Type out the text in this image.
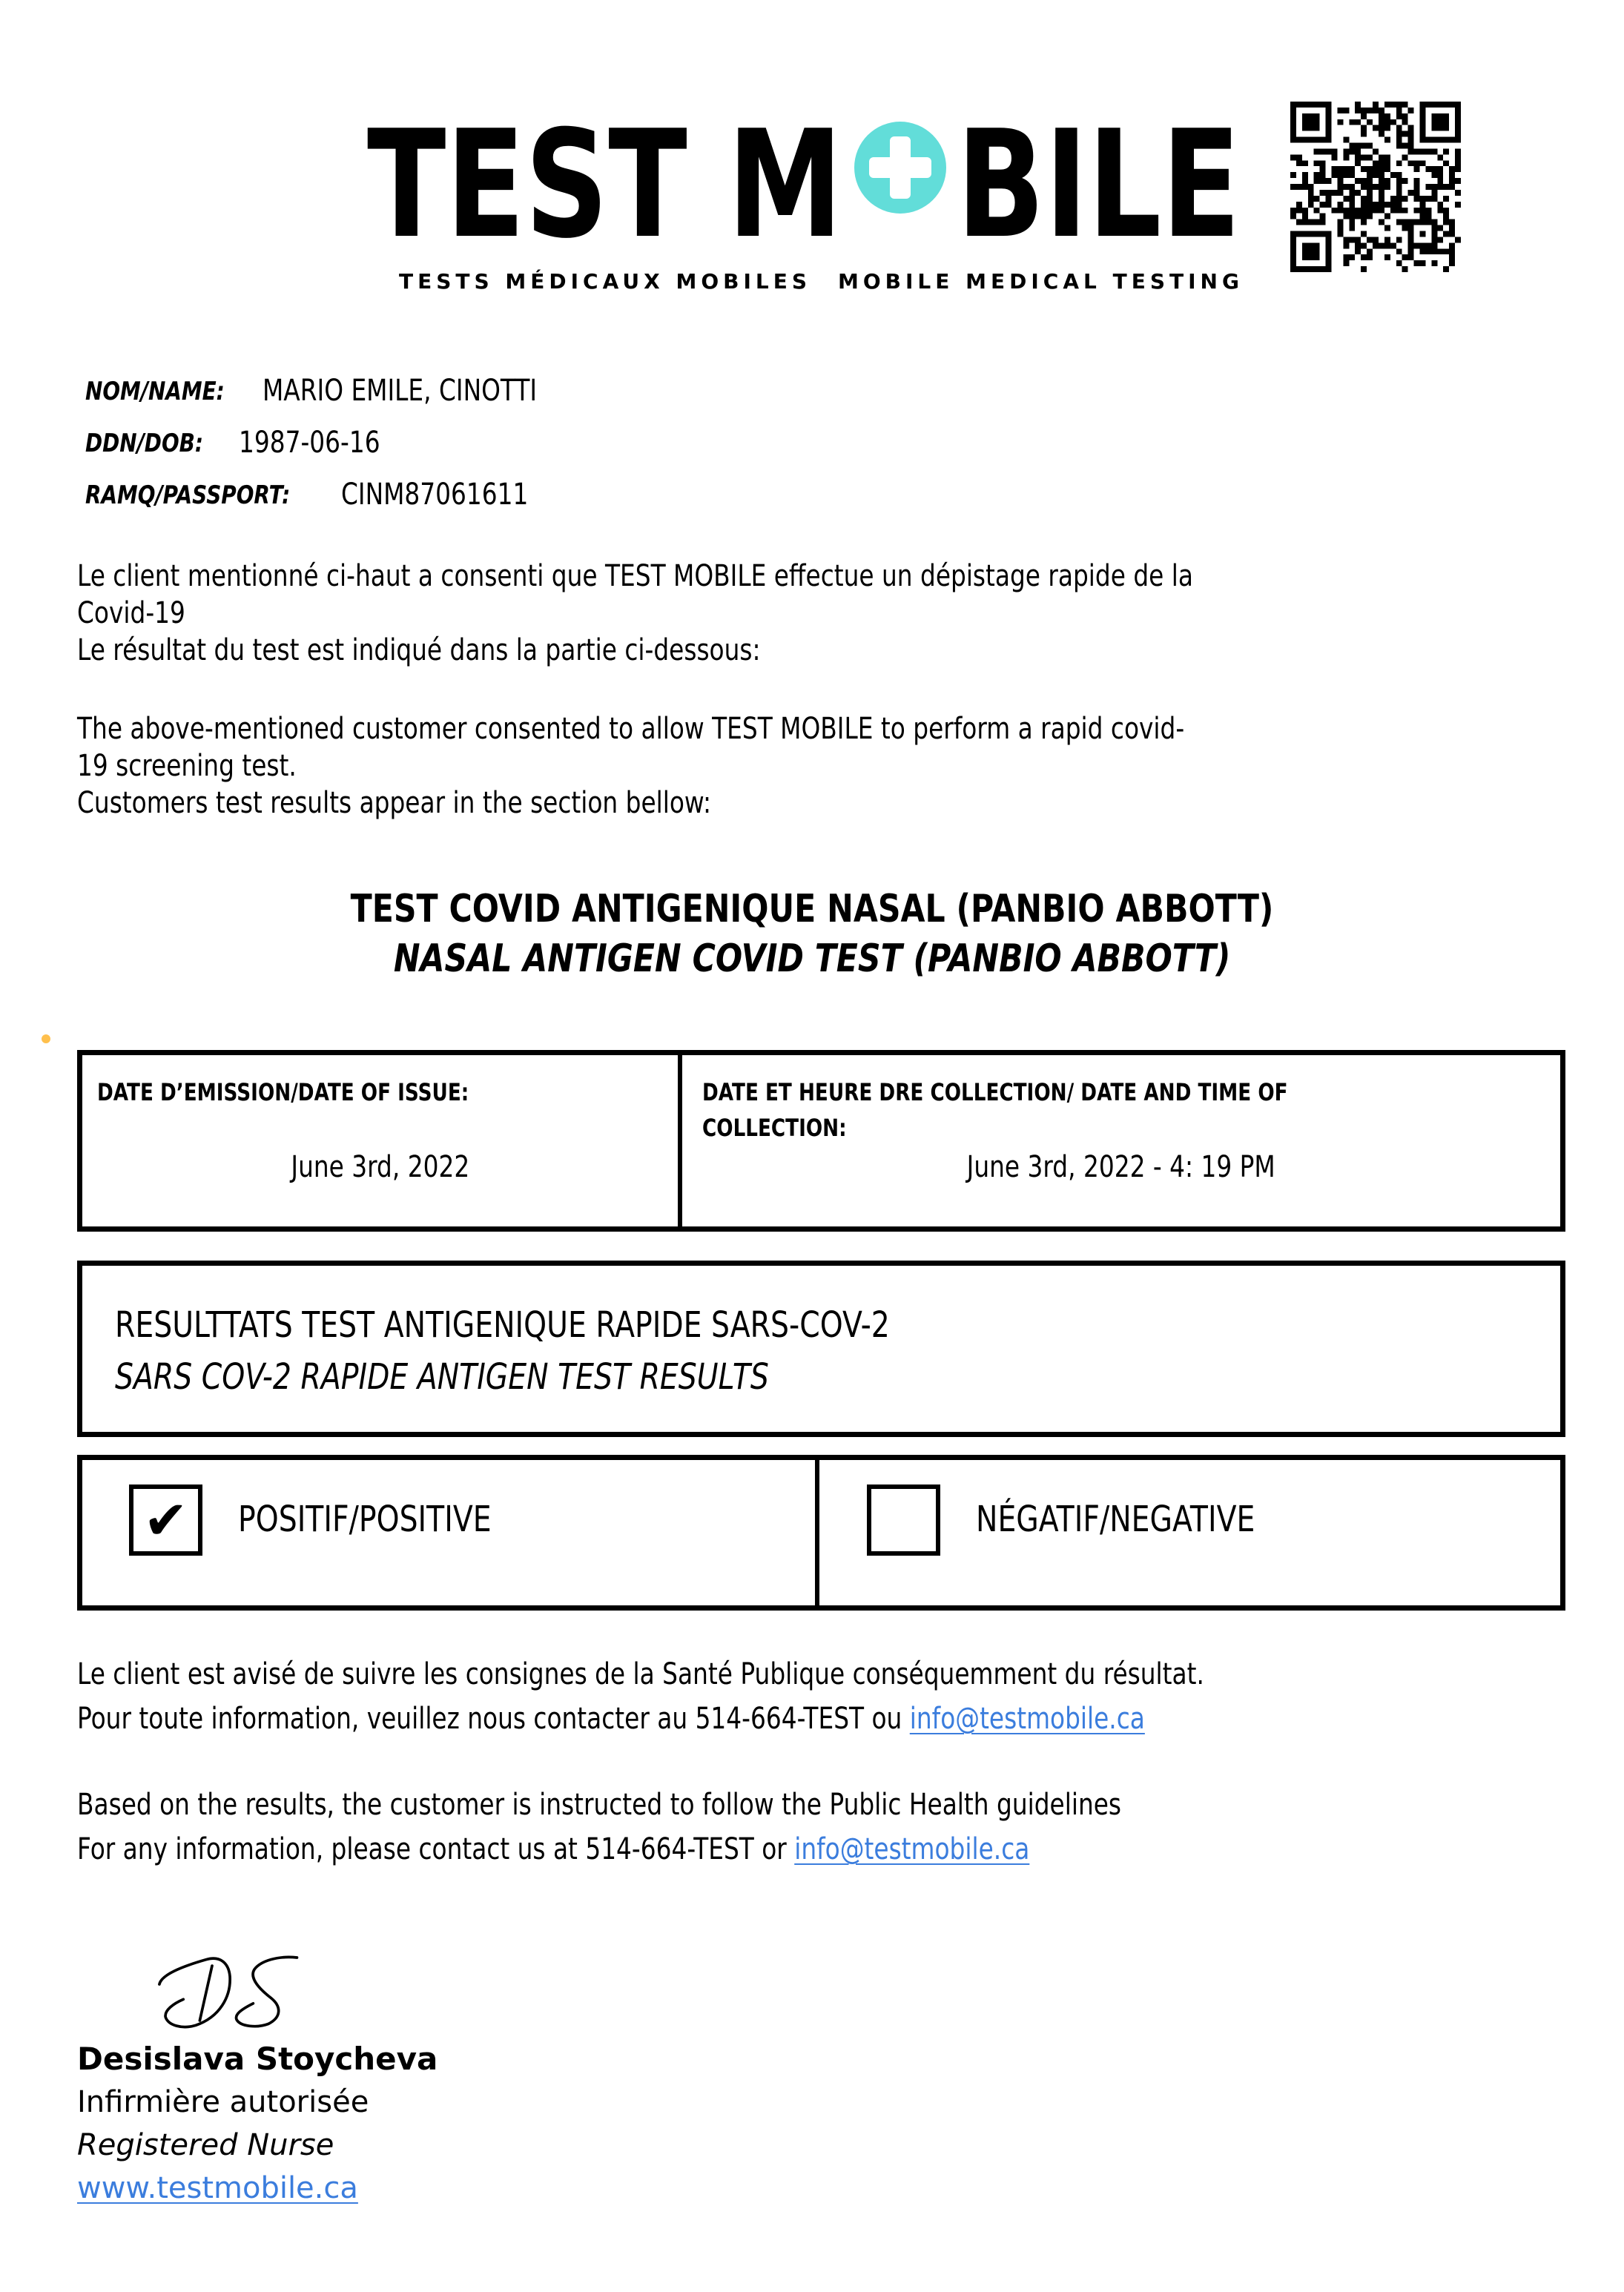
TEST M BILE
TESTS MÉDICAUX MOBILES MOBILE MEDICAL TESTING
NOM/NAME:	MARIO EMILE, CINOTTI
DDN/DOB:	1987-06-16
RAMQ/PASSPORT:	CINM87061611
Le client mentionné ci-haut a consenti que TEST MOBILE effectue un dépistage rapide de la
Covid-19
Le résultat du test est indiqué dans la partie ci-dessous:
The above-mentioned customer consented to allow TEST MOBILE to perform a rapid covid-
19 screening test.
Customers test results appear in the section bellow:
TEST COVID ANTIGENIQUE NASAL (PANBIO ABBOTT)
NASAL ANTIGEN COVID TEST (PANBIO ABBOTT)
DATE D’EMISSION/DATE OF ISSUE:
June 3rd, 2022
DATE ET HEURE DRE COLLECTION/ DATE AND TIME OF
COLLECTION:
June 3rd, 2022 - 4: 19 PM
RESULTTATS TEST ANTIGENIQUE RAPIDE SARS-COV-2
SARS COV-2 RAPIDE ANTIGEN TEST RESULTS
✔ POSITIF/POSITIVE	NÉGATIF/NEGATIVE
Le client est avisé de suivre les consignes de la Santé Publique conséquemment du résultat.
Pour toute information, veuillez nous contacter au 514-664-TEST ou info@testmobile.ca
Based on the results, the customer is instructed to follow the Public Health guidelines
For any information, please contact us at 514-664-TEST or info@testmobile.ca
Desislava Stoycheva
Infirmière autorisée
Registered Nurse
www.testmobile.ca
